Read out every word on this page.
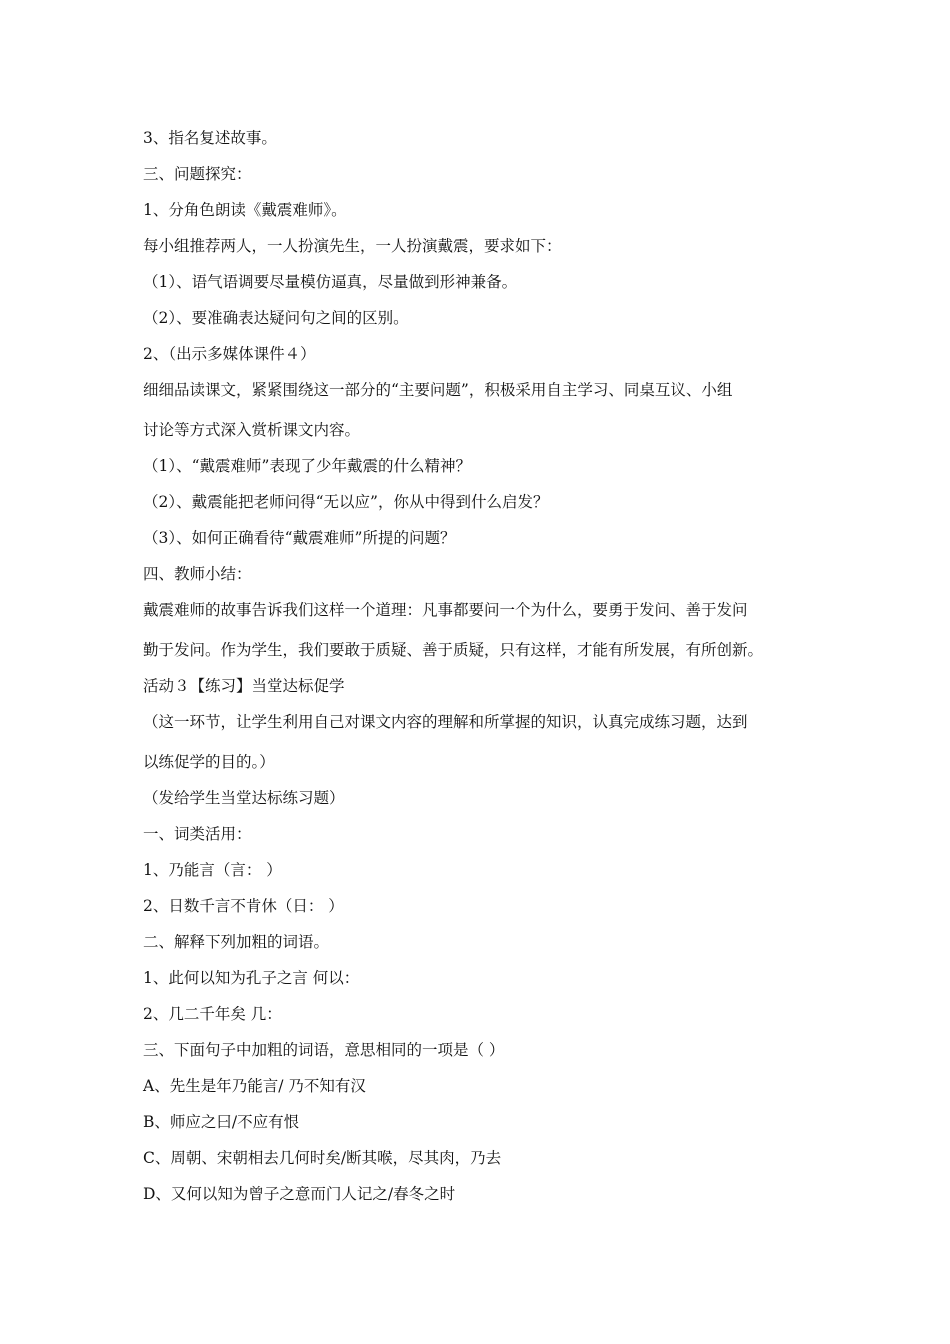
3、指名复述故事。
三、问题探究：
1、分角色朗读《戴震难师》。
每小组推荐两人，一人扮演先生，一人扮演戴震，要求如下：
（1）、语气语调要尽量模仿逼真，尽量做到形神兼备。
（2）、要准确表达疑问句之间的区别。
2、（出示多媒体课件４）
细细品读课文，紧紧围绕这一部分的“主要问题”，积极采用自主学习、同桌互议、小组
讨论等方式深入赏析课文内容。
（1）、“戴震难师”表现了少年戴震的什么精神？
（2）、戴震能把老师问得“无以应”，你从中得到什么启发？
（3）、如何正确看待“戴震难师”所提的问题？
四、教师小结：
戴震难师的故事告诉我们这样一个道理：凡事都要问一个为什么，要勇于发问、善于发问
勤于发问。作为学生，我们要敢于质疑、善于质疑，只有这样，才能有所发展，有所创新。
活动３【练习】当堂达标促学
（这一环节，让学生利用自己对课文内容的理解和所掌握的知识，认真完成练习题，达到
以练促学的目的。）
（发给学生当堂达标练习题）
一、词类活用：
1、乃能言（言： ）
2、日数千言不肯休（日： ）
二、解释下列加粗的词语。
1、此何以知为孔子之言 何以：
2、几二千年矣 几：
三、下面句子中加粗的词语，意思相同的一项是（ ）
A、先生是年乃能言/ 乃不知有汉
B、师应之曰/不应有恨
C、周朝、宋朝相去几何时矣/断其喉，尽其肉，乃去
D、又何以知为曾子之意而门人记之/春冬之时
